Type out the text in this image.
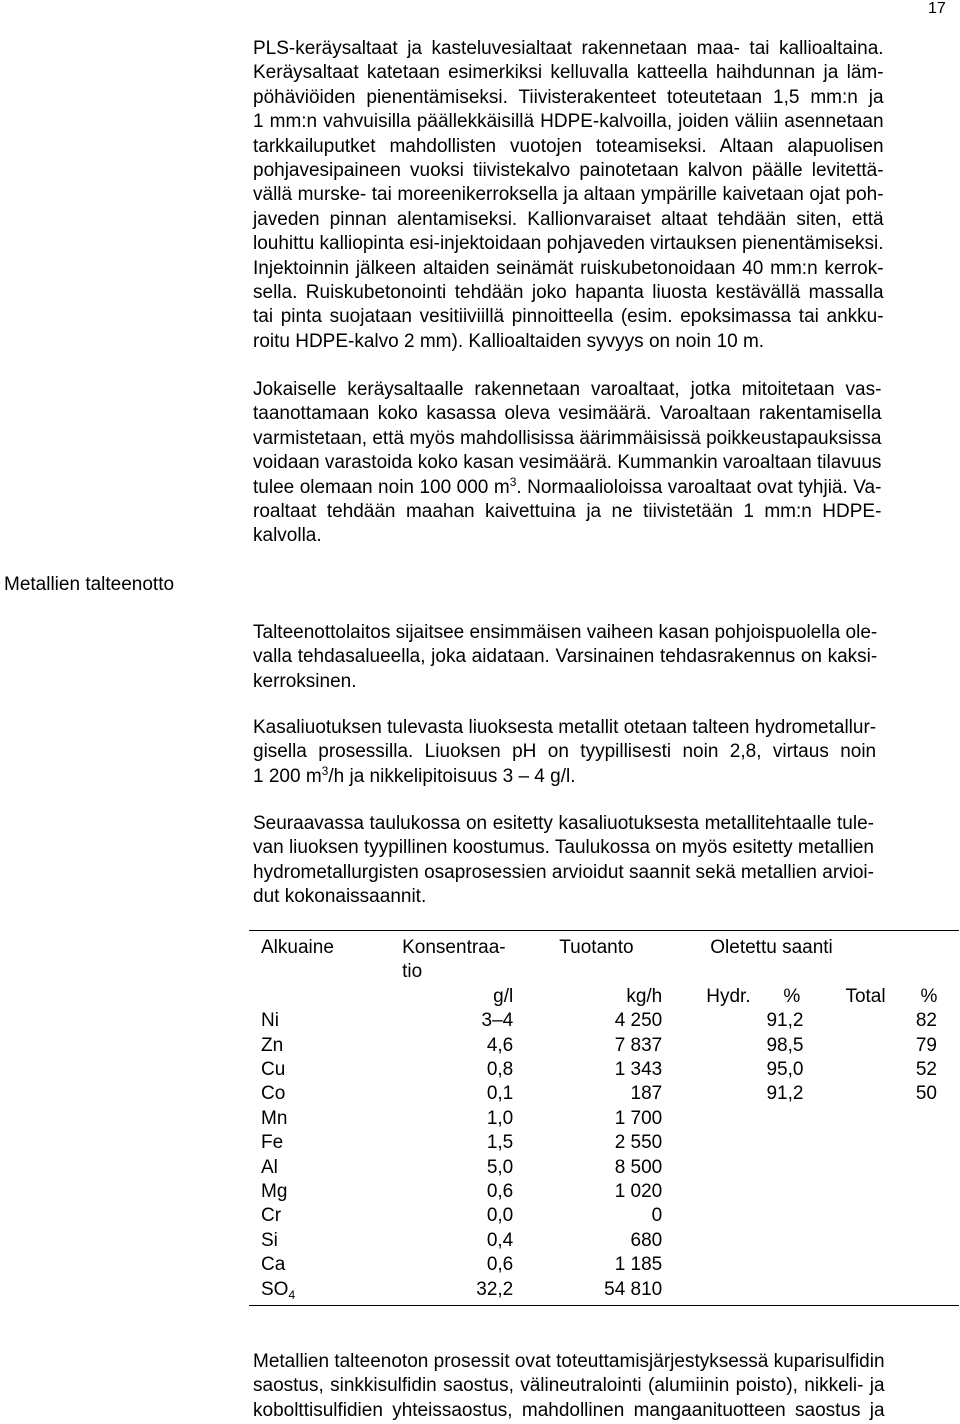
17
Metallien talteenotto

PLS-keräysaltaat ja kasteluvesialtaat rakennetaan maa- tai kallioaltaina.
Keräysaltaat katetaan esimerkiksi kelluvalla katteella haihdunnan ja läm-
pöhäviöiden pienentämiseksi. Tiivisterakenteet toteutetaan 1,5 mm:n ja
1 mm:n vahvuisilla päällekkäisillä HDPE-kalvoilla, joiden väliin asennetaan
tarkkailuputket mahdollisten vuotojen toteamiseksi. Altaan alapuolisen
pohjavesipaineen vuoksi tiivistekalvo painotetaan kalvon päälle levitettä-
vällä murske- tai moreenikerroksella ja altaan ympärille kaivetaan ojat poh-
javeden pinnan alentamiseksi. Kallionvaraiset altaat tehdään siten, että
louhittu kalliopinta esi-injektoidaan pohjaveden virtauksen pienentämiseksi.
Injektoinnin jälkeen altaiden seinämät ruiskubetonoidaan 40 mm:n kerrok-
sella. Ruiskubetonointi tehdään joko hapanta liuosta kestävällä massalla
tai pinta suojataan vesitiiviillä pinnoitteella (esim. epoksimassa tai ankku-
roitu HDPE-kalvo 2 mm). Kallioaltaiden syvyys on noin 10 m.

Jokaiselle keräysaltaalle rakennetaan varoaltaat, jotka mitoitetaan vas-
taanottamaan koko kasassa oleva vesimäärä. Varoaltaan rakentamisella
varmistetaan, että myös mahdollisissa äärimmäisissä poikkeustapauksissa
voidaan varastoida koko kasan vesimäärä. Kummankin varoaltaan tilavuus
tulee olemaan noin 100 000 $m^3$. Normaalioloissa varoaltaat ovat tyhjiä. Va-
roaltaat tehdään maahan kaivettuina ja ne tiivistetään 1 mm:n HDPE-
kalvolla.

Talteenottolaitos sijaitsee ensimmäisen vaiheen kasan pohjoispuolella ole-
valla tehdasalueella, joka aidataan. Varsinainen tehdasrakennus on kaksi-
kerroksinen.

Kasaliuotuksen tulevasta liuoksesta metallit otetaan talteen hydrometallur-
gisella prosessilla. Liuoksen pH on tyypillisesti noin 2,8, virtaus noin
1 200 $m^3/h$ ja nikkelipitoisuus 3 – 4 g/l.

Seuraavassa taulukossa on esitetty kasaliuotuksesta metallitehtaalle tule-
van liuoksen tyypillinen koostumus. Taulukossa on myös esitetty metallien
hydrometallurgisten osaprosessien arvioidut saannit sekä metallien arvioi-
dut kokonaissaannit.

Alkuaine	Konsentraa-
tio	Tuotanto	Oletettu saanti	
	g/l	kg/h	Hydr. %	Total %

Ni	3–4	4 250	91,2	82
Zn	4,6	7 837	98,5	79
Cu	0,8	1 343	95,0	52
Co	0,1	187	91,2	50
Mn	1,0	1 700		
Fe	1,5	2 550		
Al	5,0	8 500		
Mg	0,6	1 020		
Cr	0,0	0		
Si	0,4	680		
Ca	0,6	1 185		
$SO_4$	32,2	54 810		

Metallien talteenoton prosessit ovat toteuttamisjärjestyksessä kuparisulfidin
saostus, sinkkisulfidin saostus, välineutralointi (alumiinin poisto), nikkeli- ja
kobolttisulfidien yhteissaostus, mahdollinen mangaanituotteen saostus ja
